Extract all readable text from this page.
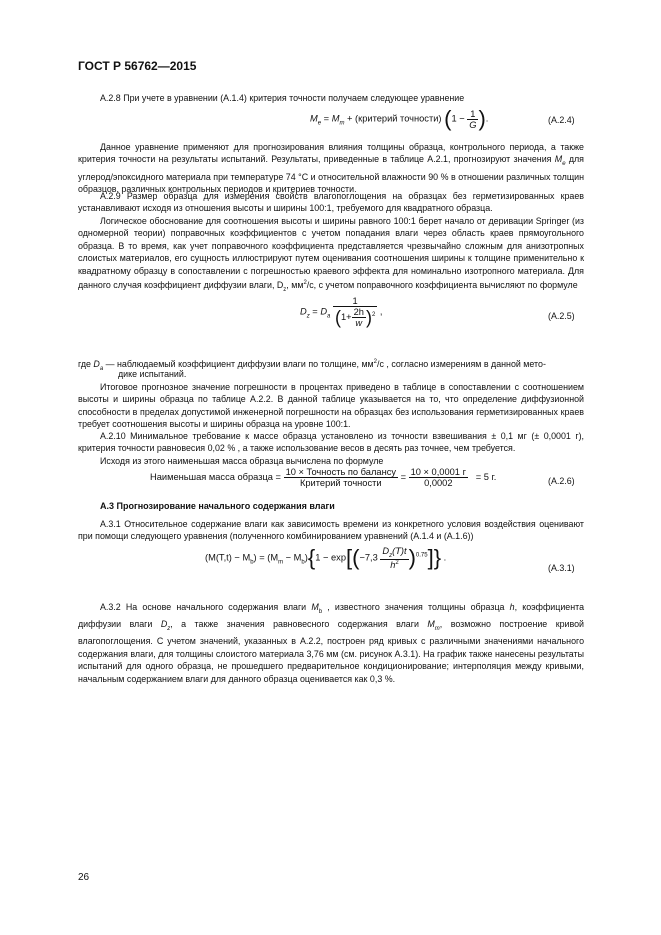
ГОСТ Р 56762—2015
А.2.8 При учете в уравнении (А.1.4) критерия точности получаем следующее уравнение
$M_e = M_m$ + (критерий точности) ($1 - \frac{1}{G}$ ).	(А.2.4)
Данное уравнение применяют для прогнозирования влияния толщины образца, контрольного периода, а также критерия точности на результаты испытаний. Результаты, приведенные в таблице А.2.1, прогнозируют значения $M_e$ для углерод/эпоксидного материала при температуре 74 °С и относительной влажности 90 % в отношении различных толщин образцов, различных контрольных периодов и критериев точности.
А.2.9 Размер образца для измерения свойств влагопоглощения на образцах без герметизированных краев устанавливают исходя из отношения высоты и ширины 100:1, требуемого для квадратного образца.
Логическое обоснование для соотношения высоты и ширины равного 100:1 берет начало от деривации Springer (из одномерной теории) поправочных коэффициентов с учетом попадания влаги через область краев прямоугольного образца. В то время, как учет поправочного коэффициента представляется чрезвычайно сложным для анизотропных слоистых материалов, его сущность иллюстрируют путем оценивания соотношения ширины к толщине применительно к квадратному образцу в сопоставлении с погрешностью краевого эффекта для номинально изотропного материала. Для данного случая коэффициент диффузии влаги, $D_z$, $мм^2/с$, с учетом поправочного коэффициента вычисляют по формуле
$D_z = D_a \frac{1}{(1+ \frac{2h}{w} )^2}$ ,	(А.2.5)
где $D_a$ — наблюдаемый коэффициент диффузии влаги по толщине, $мм^2/с$ , согласно измерениям в данной мето-
дике испытаний.
Итоговое прогнозное значение погрешности в процентах приведено в таблице в сопоставлении с соотношением высоты и ширины образца по таблице А.2.2. В данной таблице указывается на то, что определение диффузионной способности в пределах допустимой инженерной погрешности на образцах без использования герметизированных краев требует соотношения высоты и ширины образца на уровне 100:1.
А.2.10 Минимальное требование к массе образца установлено из точности взвешивания ± 0,1 мг (± 0,0001 г), критерия точности равновесия 0,02 % , а также использование весов в десять раз точнее, чем требуется.
Исходя из этого наименьшая масса образца вычислена по формуле
Наименьшая масса образца = $\frac{\text{10 × Точность по балансу}}{\text{Критерий точности}} = \frac{10 \times 0,0001 г}{0,0002} = 5$ г.	(А.2.6)
А.3 Прогнозирование начального содержания влаги
А.3.1 Относительное содержание влаги как зависимость времени из конкретного условия воздействия оценивают при помощи следующего уравнения (полученного комбинированием уравнений (А.1.4 и (А.1.6))
$(M(T,t) - M_b) = (M_m - M_b)\{1 - \exp[(-7,3 \frac{D_z(T)t}{h^2} )^{0.75}]\}$ .
(А.3.1)
А.3.2 На основе начального содержания влаги $M_b$ , известного значения толщины образца h, коэффициента диффузии влаги $D_z$, а также значения равновесного содержания влаги $M_m$, возможно построение кривой влагопоглощения. С учетом значений, указанных в А.2.2, построен ряд кривых с различными значениями начального содержания влаги, для толщины слоистого материала 3,76 мм (см. рисунок А.3.1). На график также нанесены результаты испытаний для одного образца, не прошедшего предварительное кондиционирование; интерполяция между кривыми, начальным содержанием влаги для данного образца оценивается как 0,3 %.
26
